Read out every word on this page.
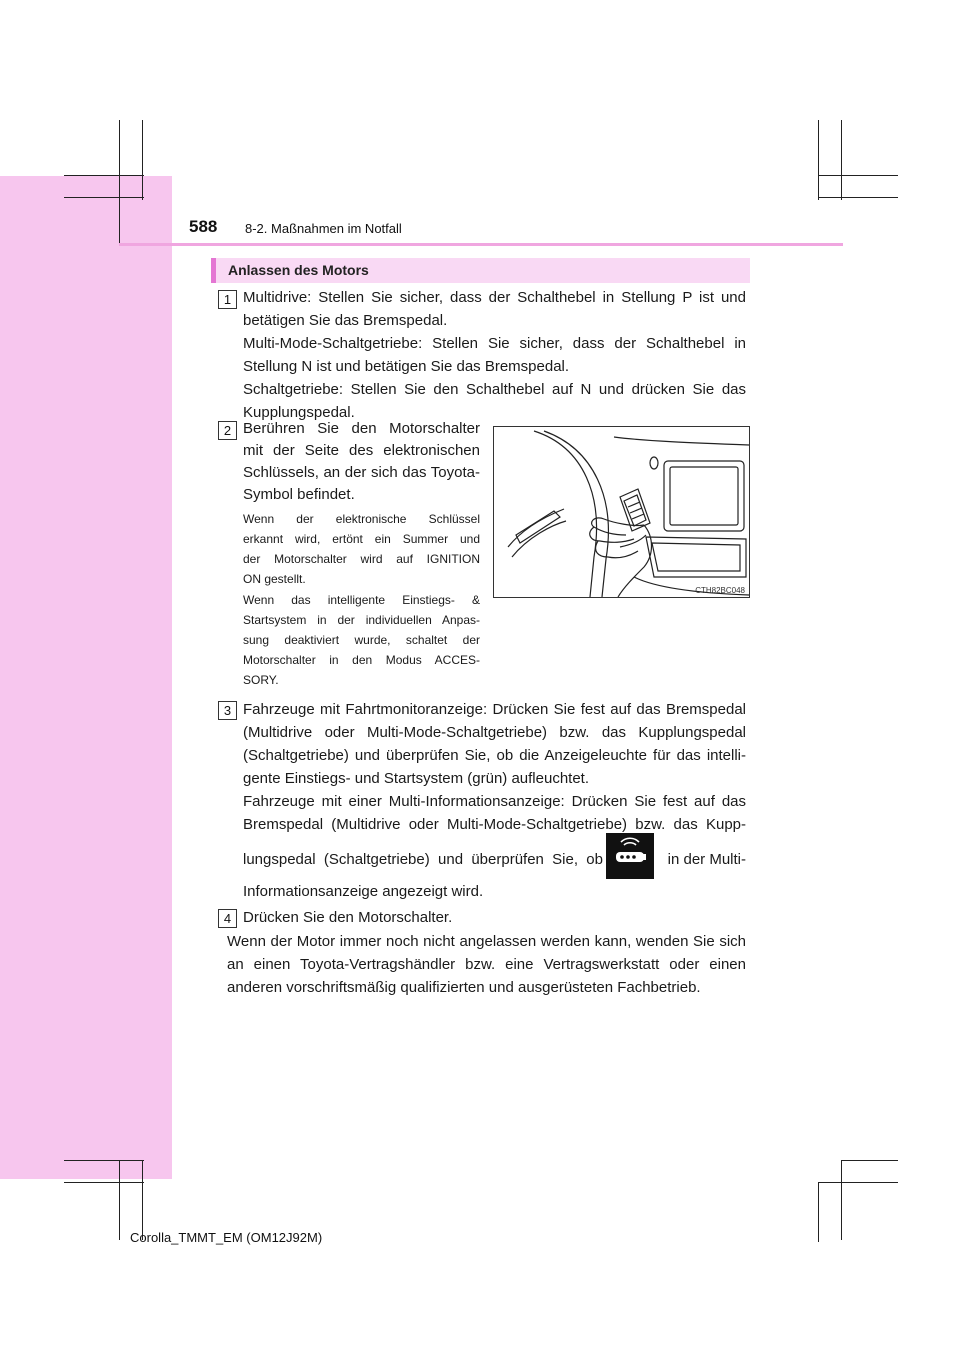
588 8-2. Maßnahmen im Notfall
Anlassen des Motors
1 Multidrive: Stellen Sie sicher, dass der Schalthebel in Stellung P ist und
betätigen Sie das Bremspedal.
Multi-Mode-Schaltgetriebe: Stellen Sie sicher, dass der Schalthebel in
Stellung N ist und betätigen Sie das Bremspedal.
Schaltgetriebe: Stellen Sie den Schalthebel auf N und drücken Sie das
Kupplungspedal.
2 Berühren Sie den Motorschalter
mit der Seite des elektronischen
Schlüssels, an der sich das Toyota-
Symbol befindet.
Wenn der elektronische Schlüssel
erkannt wird, ertönt ein Summer und
der Motorschalter wird auf IGNITION
ON gestellt.
Wenn das intelligente Einstiegs- &
Startsystem in der individuellen Anpas-
sung deaktiviert wurde, schaltet der
Motorschalter in den Modus ACCES-
SORY.
CTH82BC048
3 Fahrzeuge mit Fahrtmonitoranzeige: Drücken Sie fest auf das Bremspedal
(Multidrive oder Multi-Mode-Schaltgetriebe) bzw. das Kupplungspedal
(Schaltgetriebe) und überprüfen Sie, ob die Anzeigeleuchte für das intelli-
gente Einstiegs- und Startsystem (grün) aufleuchtet.
Fahrzeuge mit einer Multi-Informationsanzeige: Drücken Sie fest auf das
Bremspedal (Multidrive oder Multi-Mode-Schaltgetriebe) bzw. das Kupp-
lungspedal (Schaltgetriebe) und überprüfen Sie, ob	in der Multi-
Informationsanzeige angezeigt wird.
4 Drücken Sie den Motorschalter.
Wenn der Motor immer noch nicht angelassen werden kann, wenden Sie sich
an einen Toyota-Vertragshändler bzw. eine Vertragswerkstatt oder einen
anderen vorschriftsmäßig qualifizierten und ausgerüsteten Fachbetrieb.
Corolla_TMMT_EM (OM12J92M)
